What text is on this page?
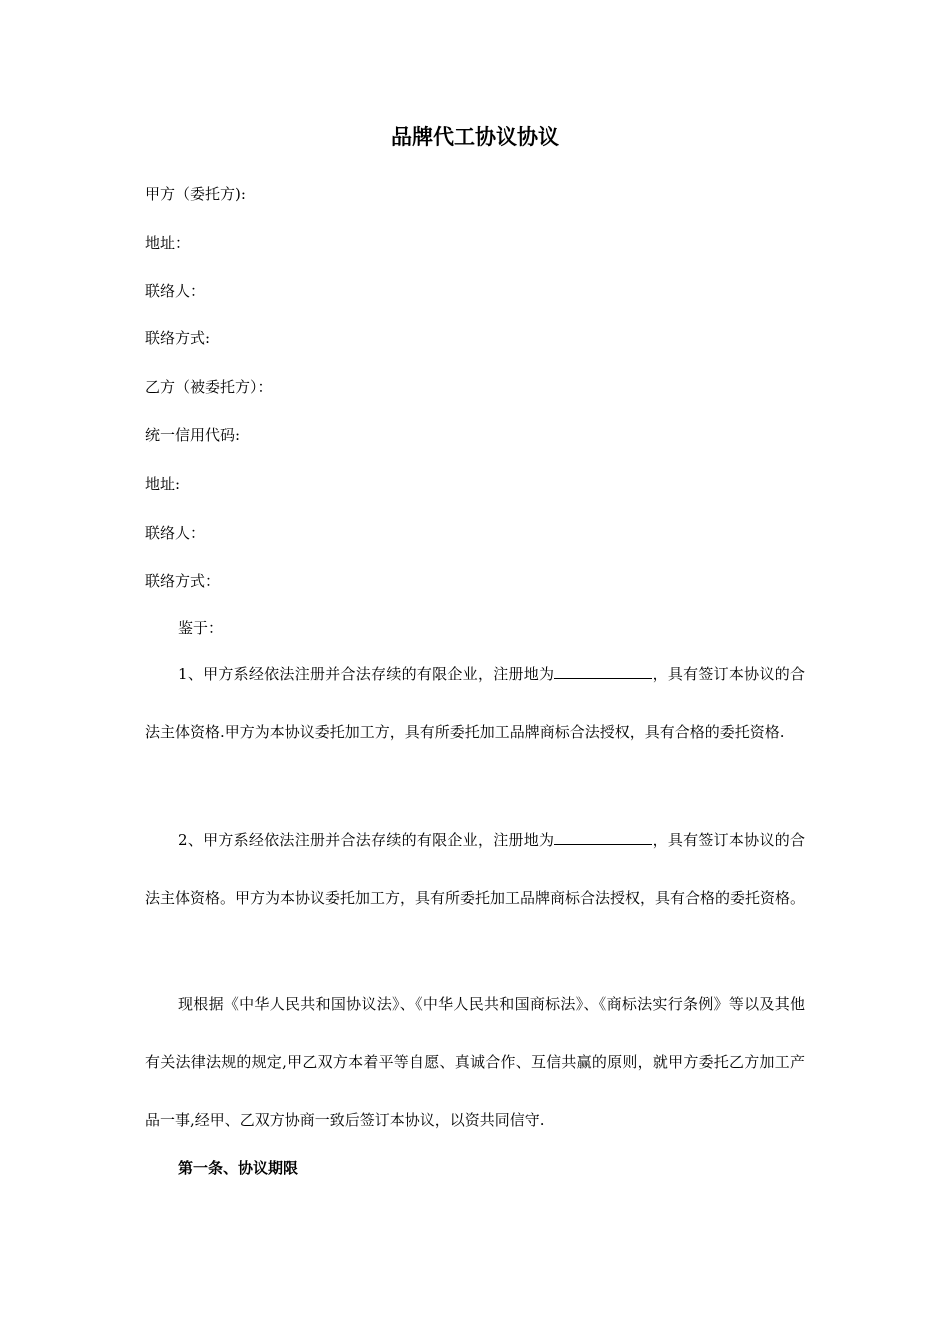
品牌代工协议协议
甲方（委托方):
地址：
联络人：
联络方式:
乙方（被委托方）：
统一信用代码:
地址:
联络人：
联络方式：
鉴于：
1、甲方系经依法注册并合法存续的有限企业，注册地为	，具有签订本协议的合法主体资格.甲方为本协议委托加工方，具有所委托加工品牌商标合法授权，具有合格的委托资格.
2、甲方系经依法注册并合法存续的有限企业，注册地为	，具有签订本协议的合法主体资格。甲方为本协议委托加工方，具有所委托加工品牌商标合法授权，具有合格的委托资格。
现根据《中华人民共和国协议法》、《中华人民共和国商标法》、《商标法实行条例》等以及其他有关法律法规的规定,甲乙双方本着平等自愿、真诚合作、互信共赢的原则，就甲方委托乙方加工产品一事,经甲、乙双方协商一致后签订本协议，以资共同信守.
第一条、协议期限
